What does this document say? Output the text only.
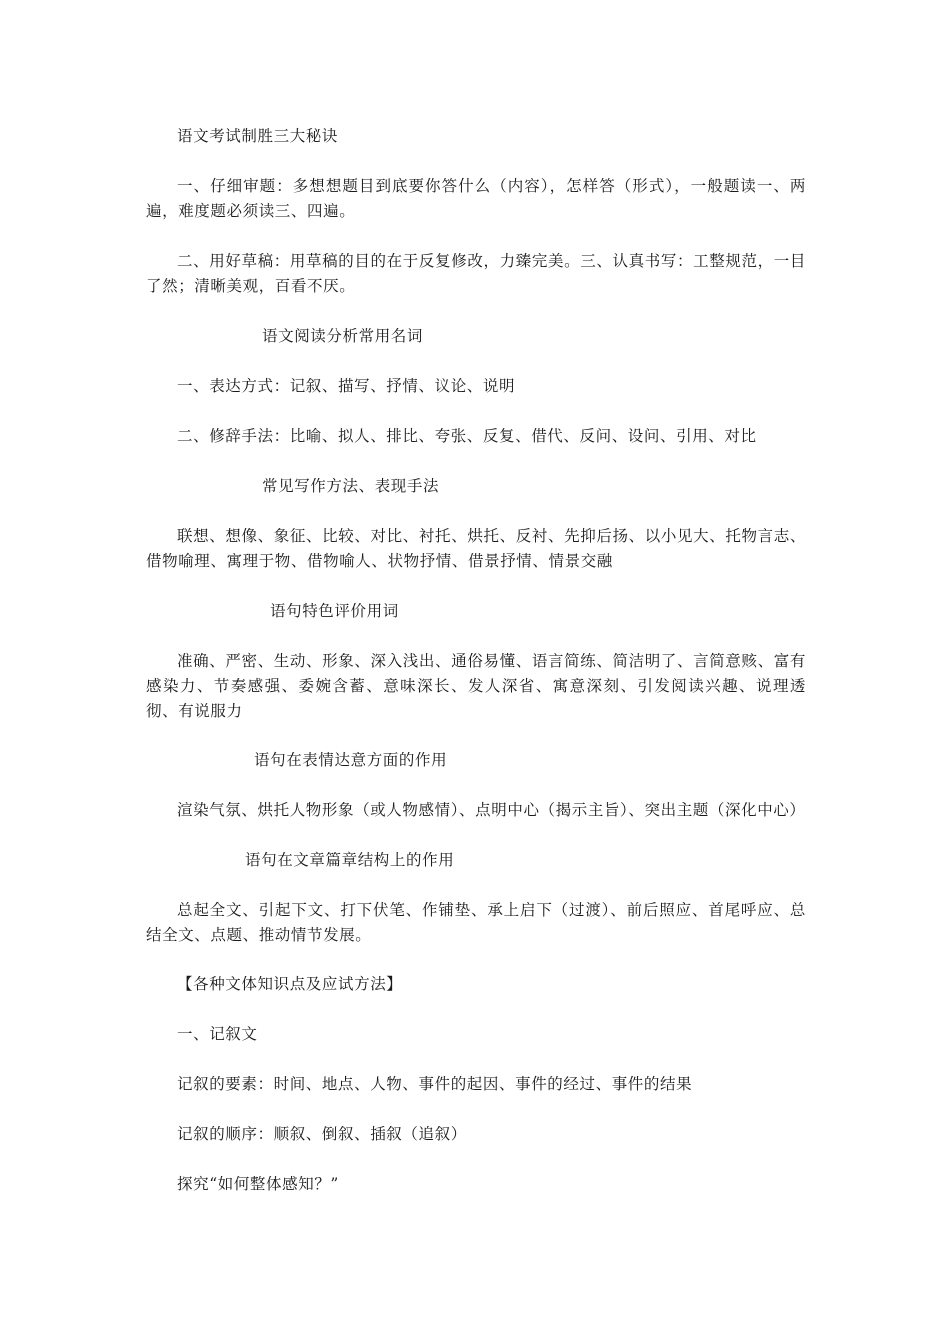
语文考试制胜三大秘诀
一、仔细审题：多想想题目到底要你答什么（内容），怎样答（形式），一般题读一、两遍，难度题必须读三、四遍。
二、用好草稿：用草稿的目的在于反复修改，力臻完美。三、认真书写：工整规范，一目了然；清晰美观，百看不厌。
语文阅读分析常用名词
一、表达方式：记叙、描写、抒情、议论、说明
二、修辞手法：比喻、拟人、排比、夸张、反复、借代、反问、设问、引用、对比
常见写作方法、表现手法
联想、想像、象征、比较、对比、衬托、烘托、反衬、先抑后扬、以小见大、托物言志、借物喻理、寓理于物、借物喻人、状物抒情、借景抒情、情景交融
语句特色评价用词
准确、严密、生动、形象、深入浅出、通俗易懂、语言简练、简洁明了、言简意赅、富有感染力、节奏感强、委婉含蓄、意味深长、发人深省、寓意深刻、引发阅读兴趣、说理透彻、有说服力
语句在表情达意方面的作用
渲染气氛、烘托人物形象（或人物感情）、点明中心（揭示主旨）、突出主题（深化中心）
语句在文章篇章结构上的作用
总起全文、引起下文、打下伏笔、作铺垫、承上启下（过渡）、前后照应、首尾呼应、总结全文、点题、推动情节发展。
【各种文体知识点及应试方法】
一、记叙文
记叙的要素：时间、地点、人物、事件的起因、事件的经过、事件的结果
记叙的顺序：顺叙、倒叙、插叙（追叙）
探究“如何整体感知？”
